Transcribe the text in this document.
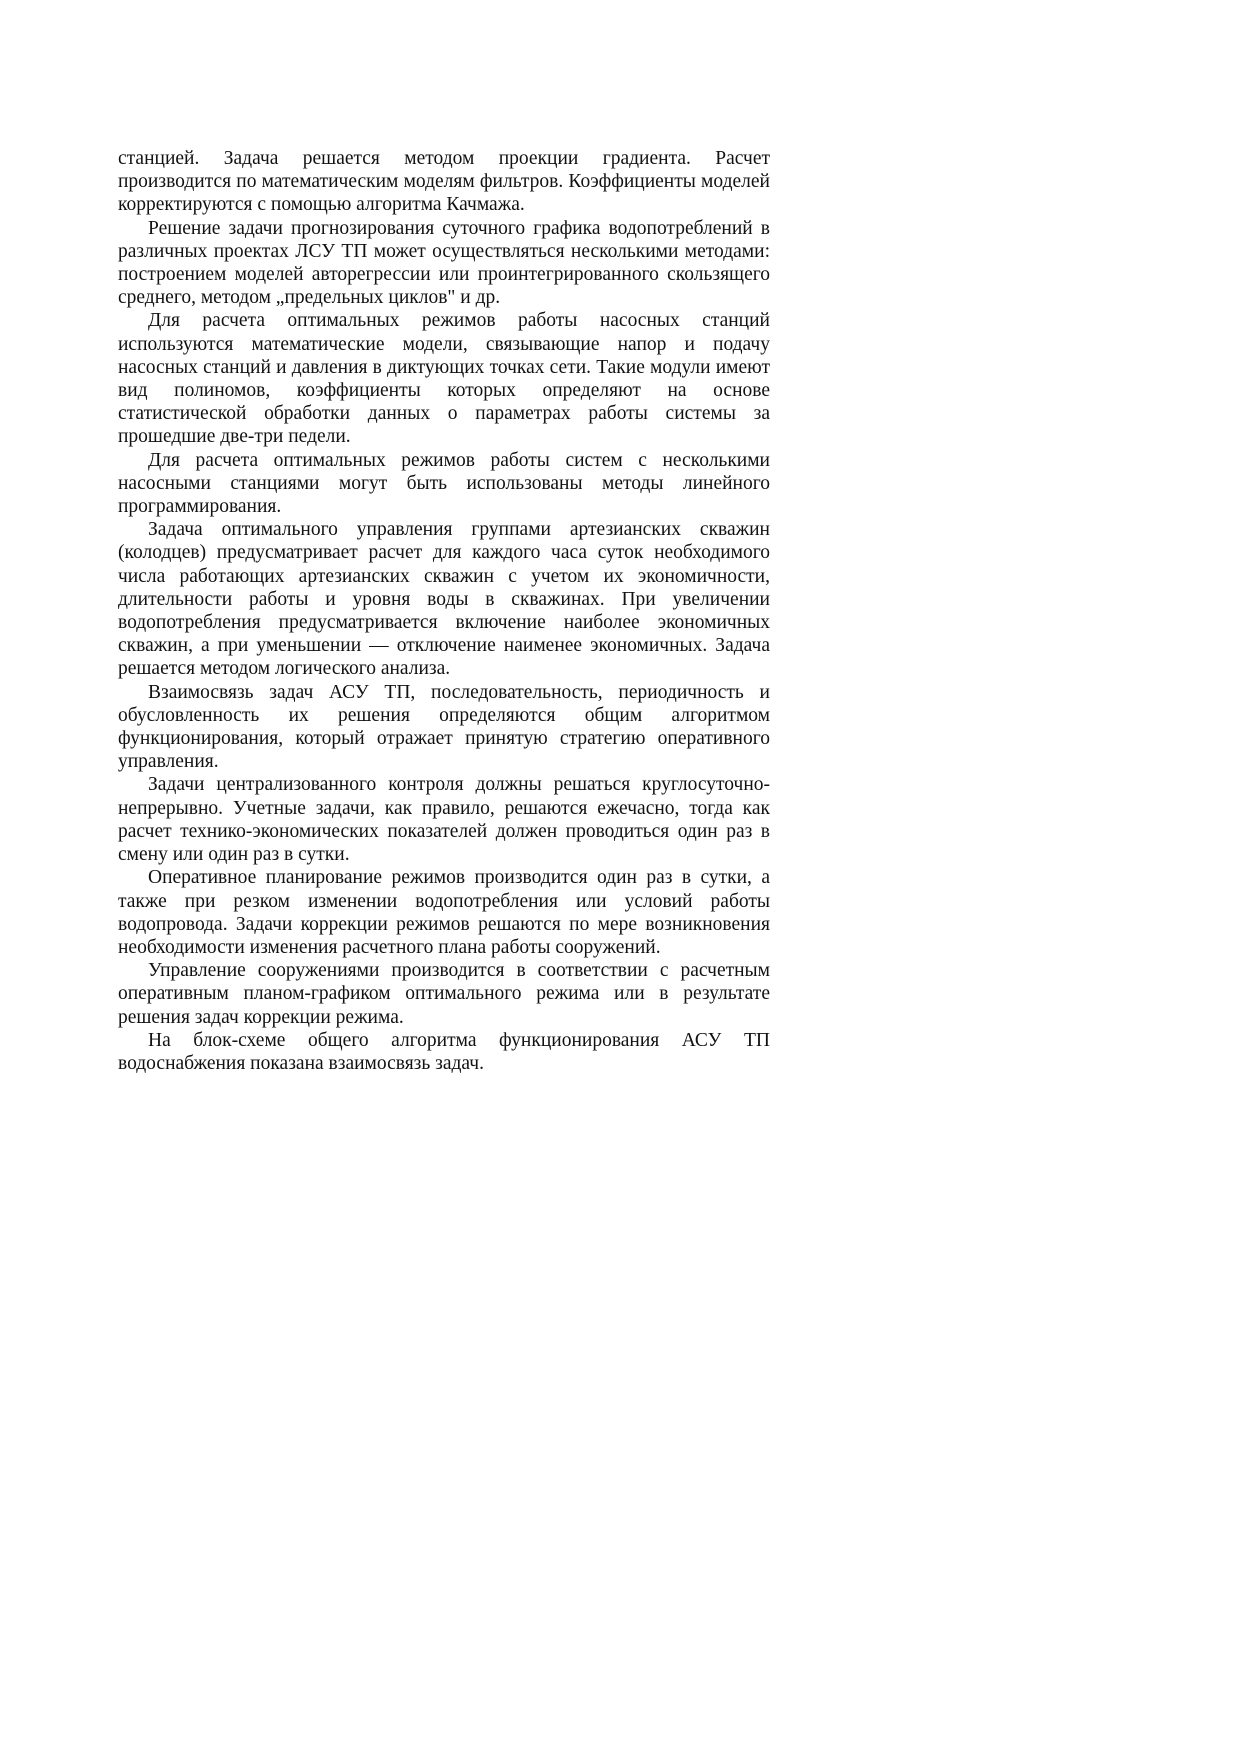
станцией. Задача решается методом проекции градиента. Расчет производится по математическим моделям фильтров. Коэффициенты моделей корректируются с помощью алгоритма Качмажа.

Решение задачи прогнозирования суточного графика водопотреблений в различных проектах ЛСУ ТП может осуществляться несколькими методами: построением моделей авторегрессии или проинтегрированного скользящего среднего, методом „предельных циклов" и др.

Для расчета оптимальных режимов работы насосных станций используются математические модели, связывающие напор и подачу насосных станций и давления в диктующих точках сети. Такие модули имеют вид полиномов, коэффициенты которых определяют на основе статистической обработки данных о параметрах работы системы за прошедшие две-три педели.

Для расчета оптимальных режимов работы систем с несколькими насосными станциями могут быть использованы методы линейного программирования.

Задача оптимального управления группами артезианских скважин (колодцев) предусматривает расчет для каждого часа суток необходимого числа работающих артезианских скважин с учетом их экономичности, длительности работы и уровня воды в скважинах. При увеличении водопотребления предусматривается включение наиболее экономичных скважин, а при уменьшении — отключение наименее экономичных. Задача решается методом логического анализа.

Взаимосвязь задач АСУ ТП, последовательность, периодичность и обусловленность их решения определяются общим алгоритмом функционирования, который отражает принятую стратегию оперативного управления.

Задачи централизованного контроля должны решаться круглосуточно-непрерывно. Учетные задачи, как правило, решаются ежечасно, тогда как расчет технико-экономических показателей должен проводиться один раз в смену или один раз в сутки.

Оперативное планирование режимов производится один раз в сутки, а также при резком изменении водопотребления или условий работы водопровода. Задачи коррекции режимов решаются по мере возникновения необходимости изменения расчетного плана работы сооружений.

Управление сооружениями производится в соответствии с расчетным оперативным планом-графиком оптимального режима или в результате решения задач коррекции режима.

На блок-схеме общего алгоритма функционирования АСУ ТП водоснабжения показана взаимосвязь задач.
